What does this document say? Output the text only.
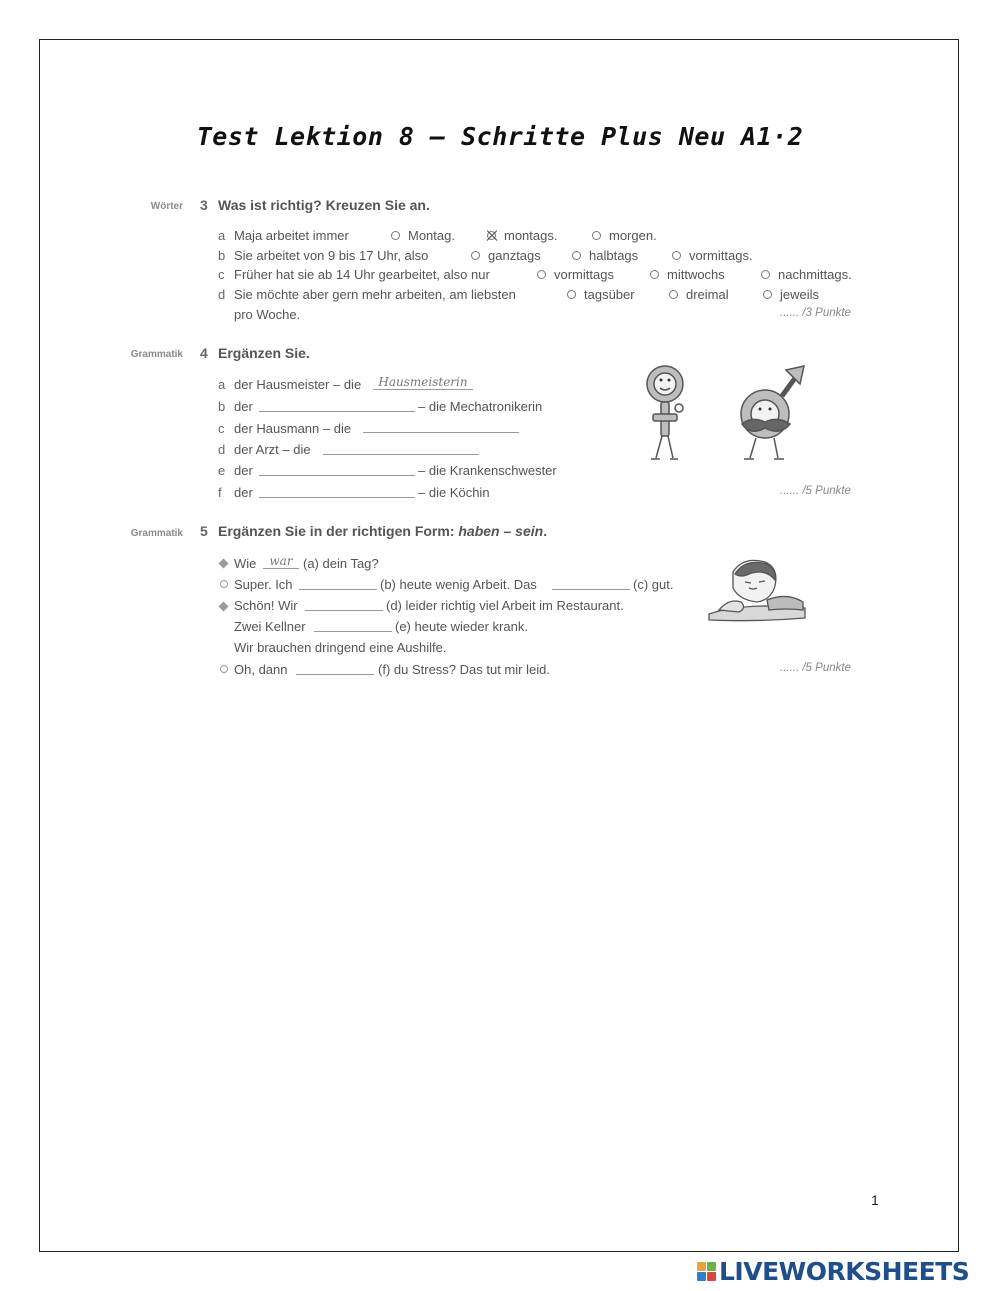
Test Lektion 8 – Schritte Plus Neu A1·2
Wörter 3 Was ist richtig? Kreuzen Sie an.
a Maja arbeitet immer	Montag.	montags.	morgen.
b Sie arbeitet von 9 bis 17 Uhr, also	ganztags	halbtags	vormittags.
c Früher hat sie ab 14 Uhr gearbeitet, also nur	vormittags	mittwochs	nachmittags.
d Sie möchte aber gern mehr arbeiten, am liebsten	tagsüber	dreimal	jeweils
pro Woche.	...... /3 Punkte
Grammatik 4 Ergänzen Sie.
a der Hausmeister – die	Hausmeisterin
b der	– die Mechatronikerin
c der Hausmann – die
d der Arzt – die
e der	– die Krankenschwester
f der	– die Köchin	...... /5 Punkte
Grammatik 5 Ergänzen Sie in der richtigen Form: haben – sein.
Wie	war (a) dein Tag?
Super. Ich	(b) heute wenig Arbeit. Das	(c) gut.
Schön! Wir	(d) leider richtig viel Arbeit im Restaurant.
Zwei Kellner	(e) heute wieder krank.
Wir brauchen dringend eine Aushilfe.
Oh, dann	(f) du Stress? Das tut mir leid.	...... /5 Punkte
1
LIVEWORKSHEETS
